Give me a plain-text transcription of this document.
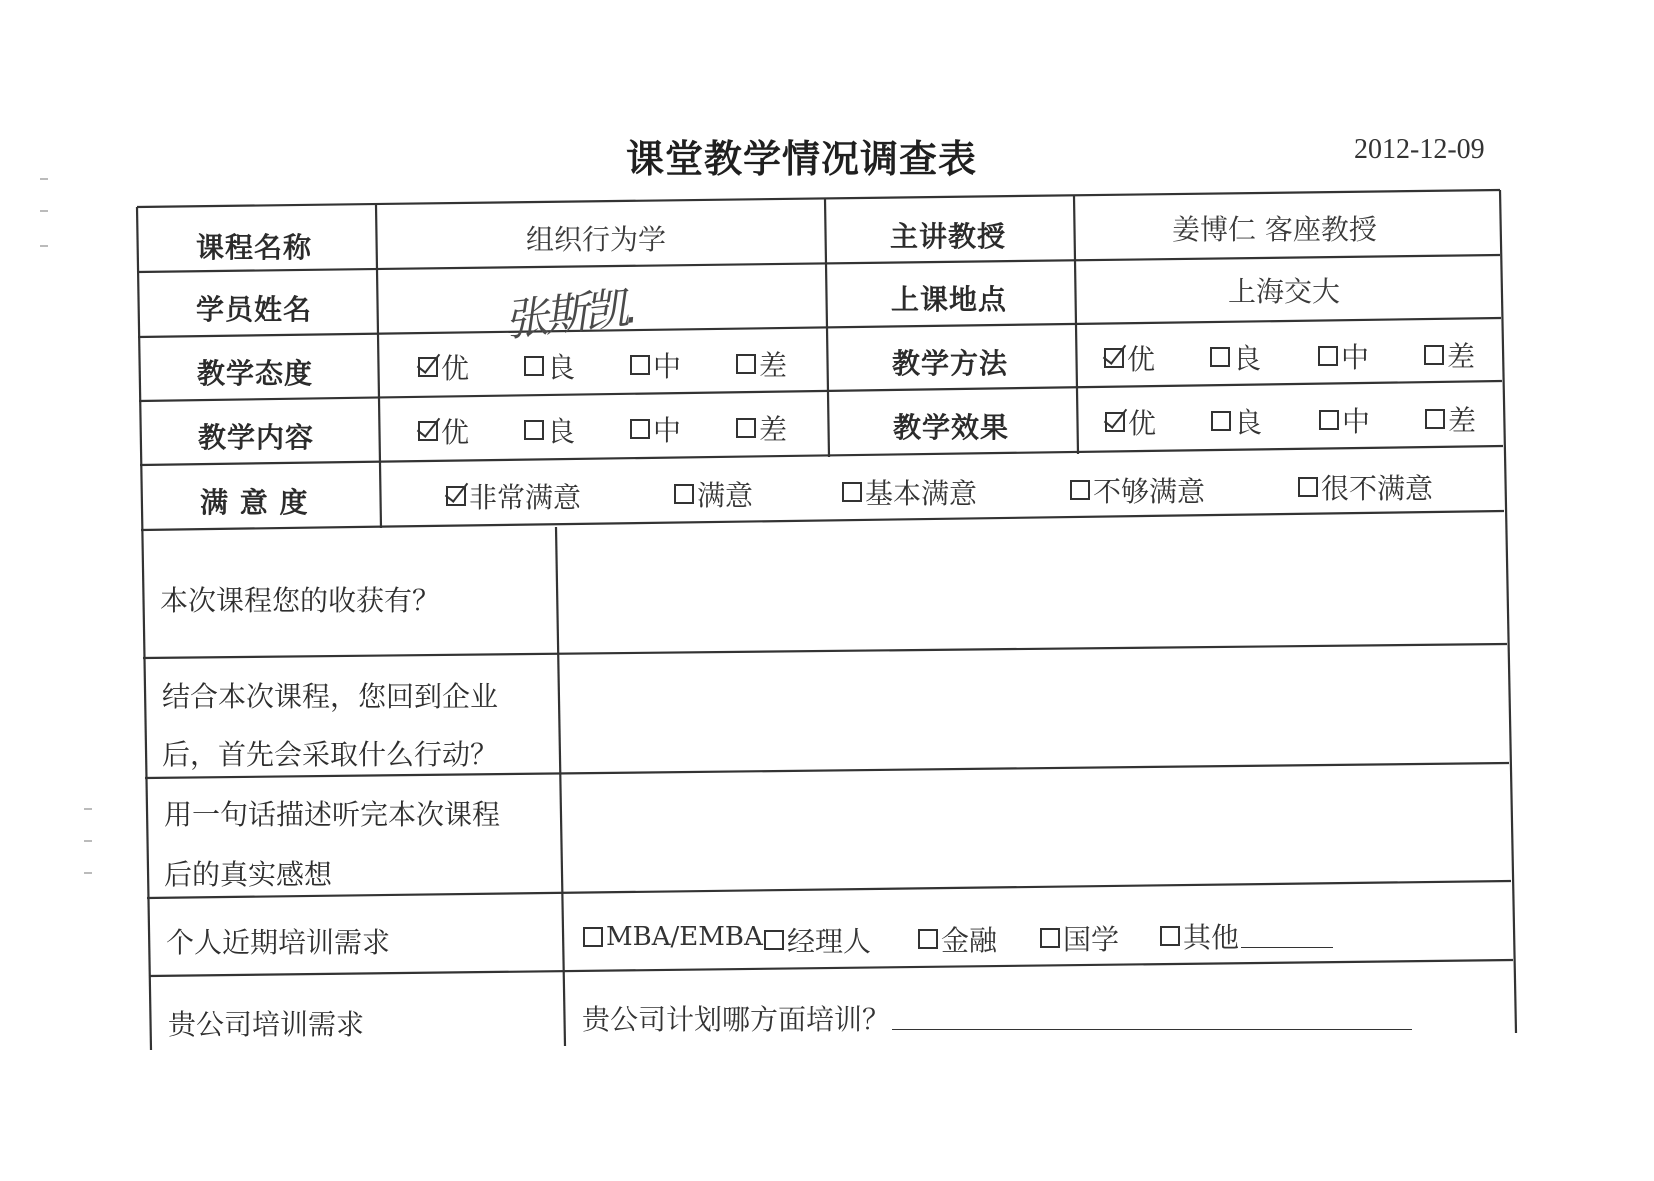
课堂教学情况调查表	2012-12-09
课程名称	组织行为学	主讲教授	姜博仁 客座教授
学员姓名	张斯凯.	上课地点	上海交大
教学态度	优	良	中	差	教学方法	优	良	中	差
教学内容	优	良	中	差	教学效果	优	良	中	差
满 意 度	非常满意	满意	基本满意	不够满意	很不满意
本次课程您的收获有？
结合本次课程，您回到企业
后，首先会采取什么行动？
用一句话描述听完本次课程
后的真实感想
个人近期培训需求	MBA/EMBA 经理人 金融 国学 其他
贵公司培训需求	贵公司计划哪方面培训？
